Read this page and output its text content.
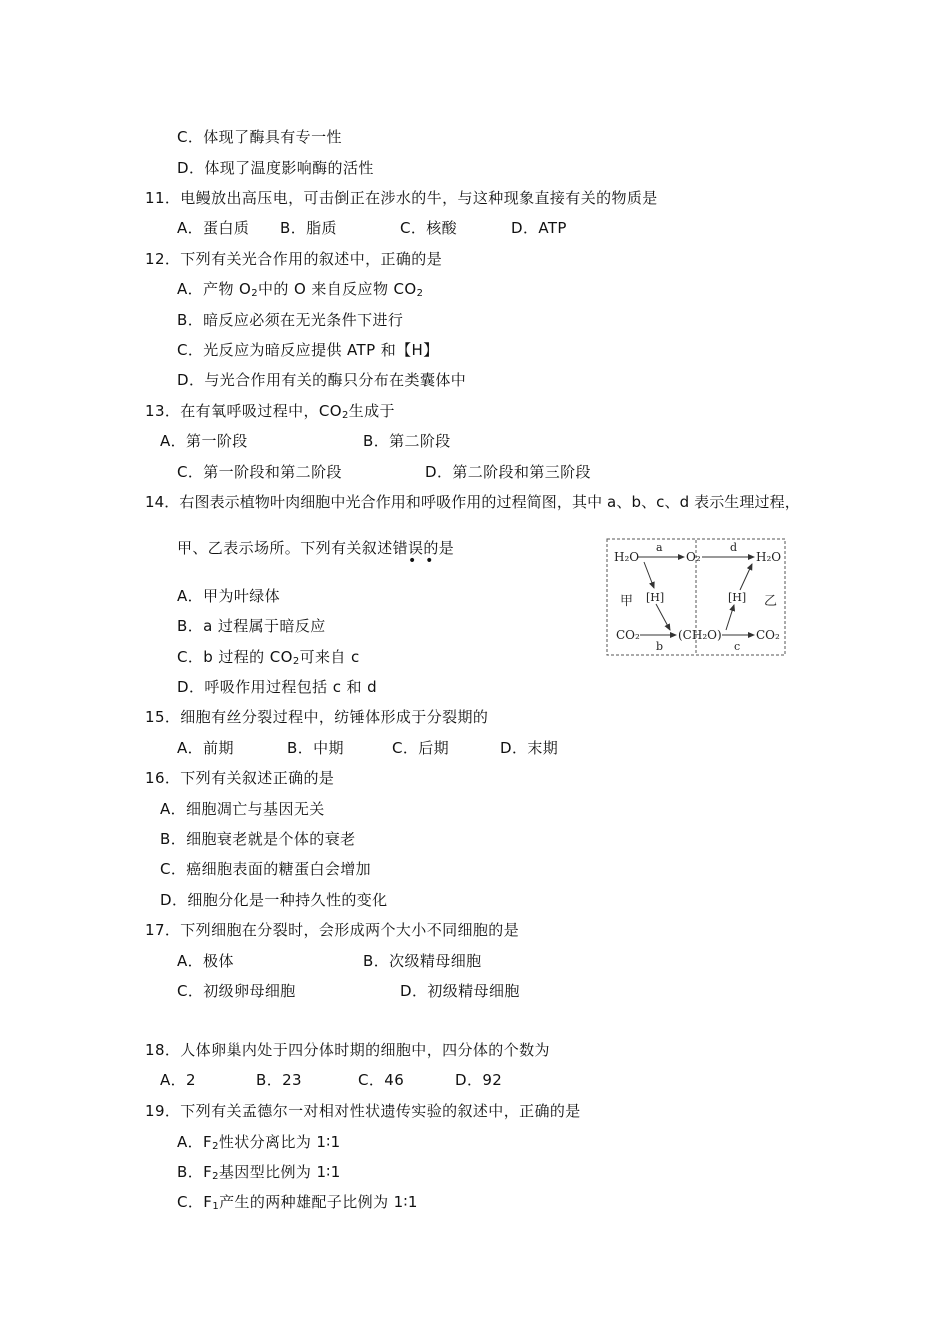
C．体现了酶具有专一性
D．体现了温度影响酶的活性
11．电鳗放出高压电，可击倒正在涉水的牛，与这种现象直接有关的物质是
A．蛋白质 B．脂质	C．核酸	D．ATP
12．下列有关光合作用的叙述中，正确的是
A．产物 $O_2$中的 O 来自反应物 $CO_2$
B．暗反应必须在无光条件下进行
C．光反应为暗反应提供 ATP 和【H】
D．与光合作用有关的酶只分布在类囊体中
13．在有氧呼吸过程中，$CO_2$生成于
A．第一阶段	B．第二阶段
C．第一阶段和第二阶段	D．第二阶段和第三阶段
14．右图表示植物叶肉细胞中光合作用和呼吸作用的过程简图，其中 a、b、c、d 表示生理过程，
甲、乙表示场所。下列有关叙述错误的是
•  •
A．甲为叶绿体
B．a 过程属于暗反应
C．b 过程的 $CO_2$可来自 c
D．呼吸作用过程包括 c 和 d
H₂O	O₂	H₂O
a	d
甲 [H]	[H] 乙
CO₂	(CH₂O)	CO₂
b	c
15．细胞有丝分裂过程中，纺锤体形成于分裂期的
A．前期	B．中期	C．后期	D．末期
16．下列有关叙述正确的是
A．细胞凋亡与基因无关
B．细胞衰老就是个体的衰老
C．癌细胞表面的糖蛋白会增加
D．细胞分化是一种持久性的变化
17．下列细胞在分裂时，会形成两个大小不同细胞的是
A．极体	B．次级精母细胞
C．初级卵母细胞	D．初级精母细胞
18．人体卵巢内处于四分体时期的细胞中，四分体的个数为
A．2	B．23	C．46	D．92
19．下列有关孟德尔一对相对性状遗传实验的叙述中，正确的是
A．$F_2$性状分离比为 1∶1
B．$F_2$基因型比例为 1∶1
C．$F_1$产生的两种雄配子比例为 1∶1
